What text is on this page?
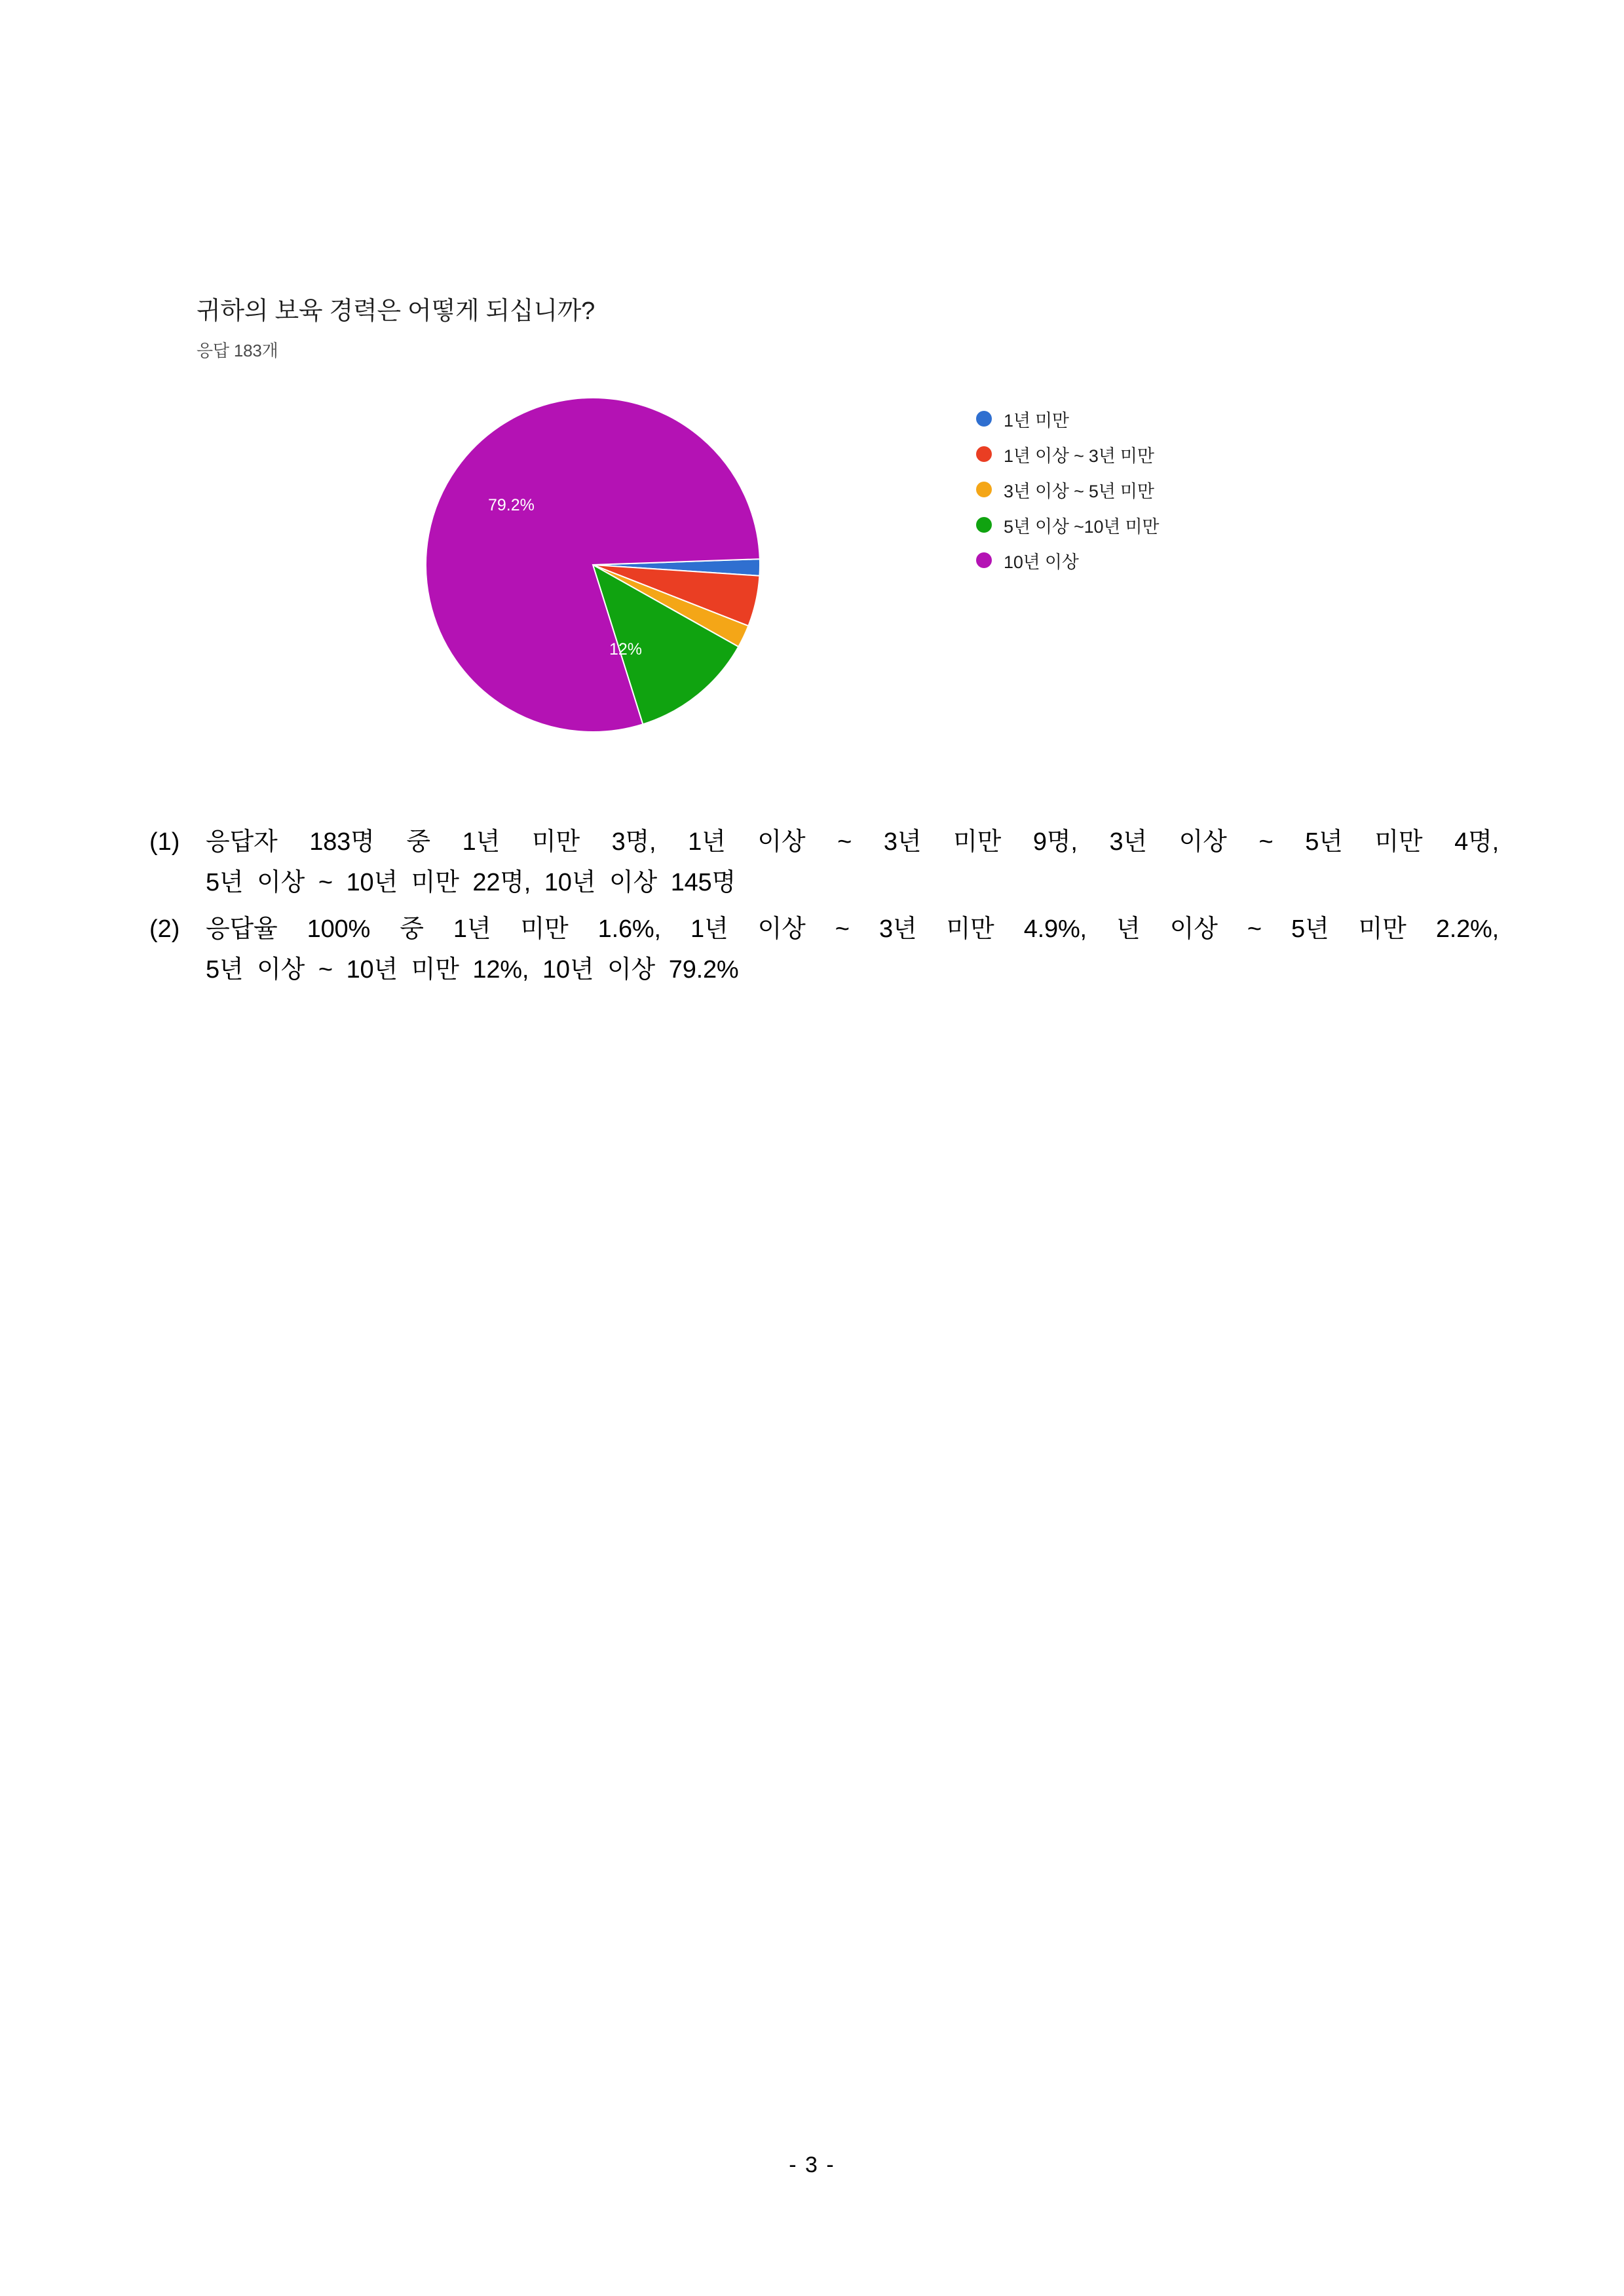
귀하의 보육 경력은 어떻게 되십니까?
응답 183개
79.2%
12%
1년 미만
1년 이상 ~ 3년 미만
3년 이상 ~ 5년 미만
5년 이상 ~10년 미만
10년 이상
(1)	응답자  183명  중  1년  미만  3명,  1년  이상  ~  3년  미만  9명,  3년  이상  ~  5년  미만  4명,
5년  이상  ~  10년  미만  22명,  10년  이상  145명
(2)	응답율  100%  중  1년  미만  1.6%,  1년  이상  ~  3년  미만  4.9%,  년  이상  ~  5년  미만  2.2%,
5년  이상  ~  10년  미만  12%,  10년  이상  79.2%
- 3 -
